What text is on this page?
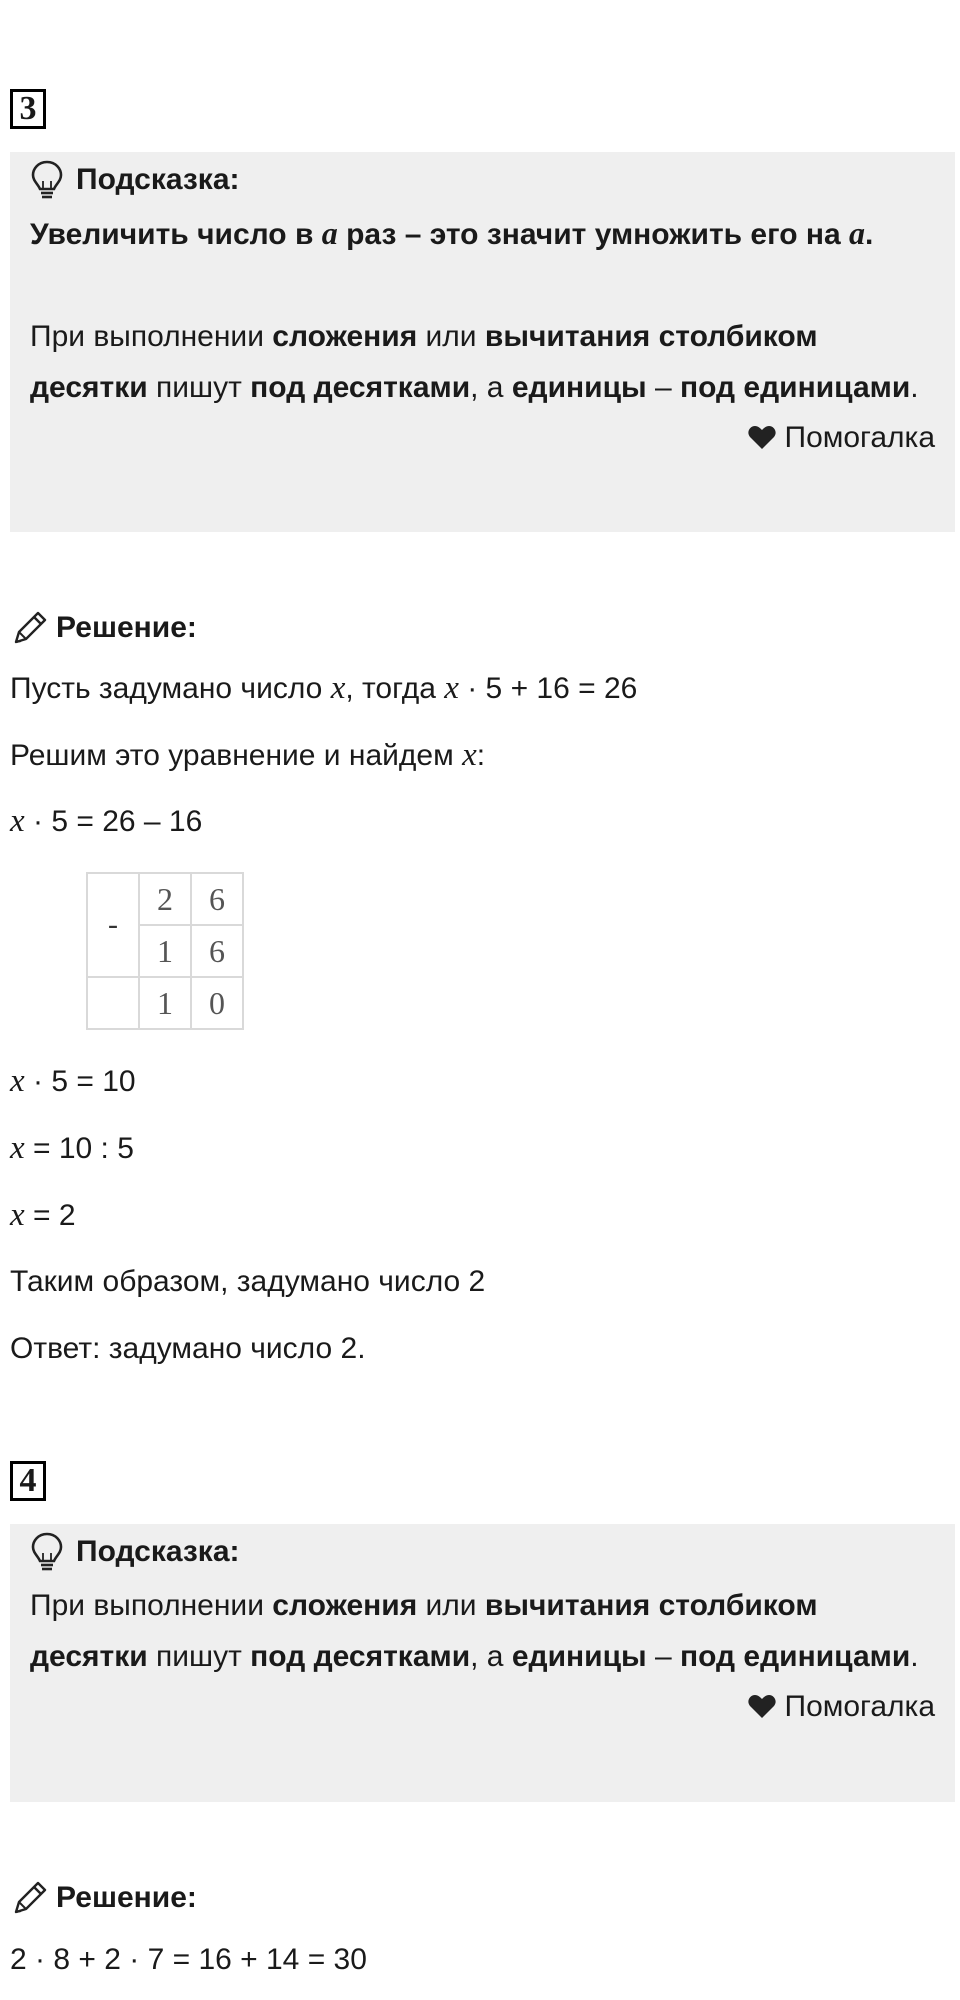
3
Подсказка:

Увеличить число в a раз – это значит умножить его на a.

При выполнении сложения или вычитания столбиком десятки пишут под десятками, а единицы – под единицами.

Помогалка
Решение:
Пусть задумано число x, тогда x · 5 + 16 = 26
Решим это уравнение и найдем x:
x · 5 = 26 – 16
-	2	6
	1	6
	1	0
x · 5 = 10
x = 10 : 5
x = 2
Таким образом, задумано число 2
Ответ: задумано число 2.
4
Подсказка:

При выполнении сложения или вычитания столбиком десятки пишут под десятками, а единицы – под единицами.

Помогалка
Решение:
2 · 8 + 2 · 7 = 16 + 14 = 30
